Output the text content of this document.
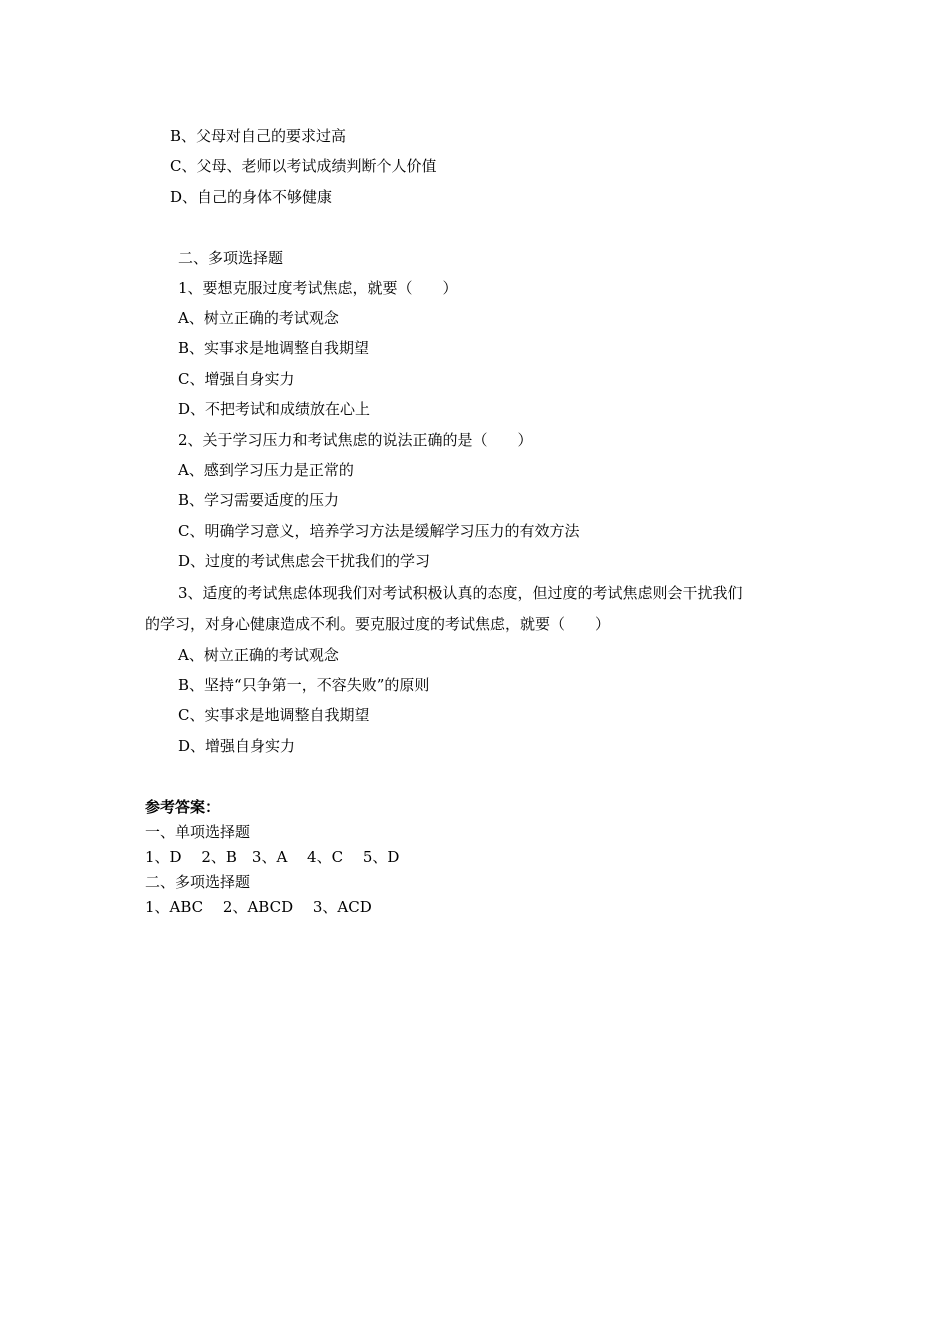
B、父母对自己的要求过高
C、父母、老师以考试成绩判断个人价值
D、自己的身体不够健康
二、多项选择题
1、要想克服过度考试焦虑，就要（　　）
A、树立正确的考试观念
B、实事求是地调整自我期望
C、增强自身实力
D、不把考试和成绩放在心上
2、关于学习压力和考试焦虑的说法正确的是（　　）
A、感到学习压力是正常的
B、学习需要适度的压力
C、明确学习意义，培养学习方法是缓解学习压力的有效方法
D、过度的考试焦虑会干扰我们的学习
3、适度的考试焦虑体现我们对考试积极认真的态度，但过度的考试焦虑则会干扰我们
的学习，对身心健康造成不利。要克服过度的考试焦虑，就要（　　）
A、树立正确的考试观念
B、坚持“只争第一，不容失败”的原则
C、实事求是地调整自我期望
D、增强自身实力
参考答案：
一、单项选择题
1、D　 2、B　3、A　 4、C　 5、D
二、多项选择题
1、ABC　 2、ABCD　 3、ACD
